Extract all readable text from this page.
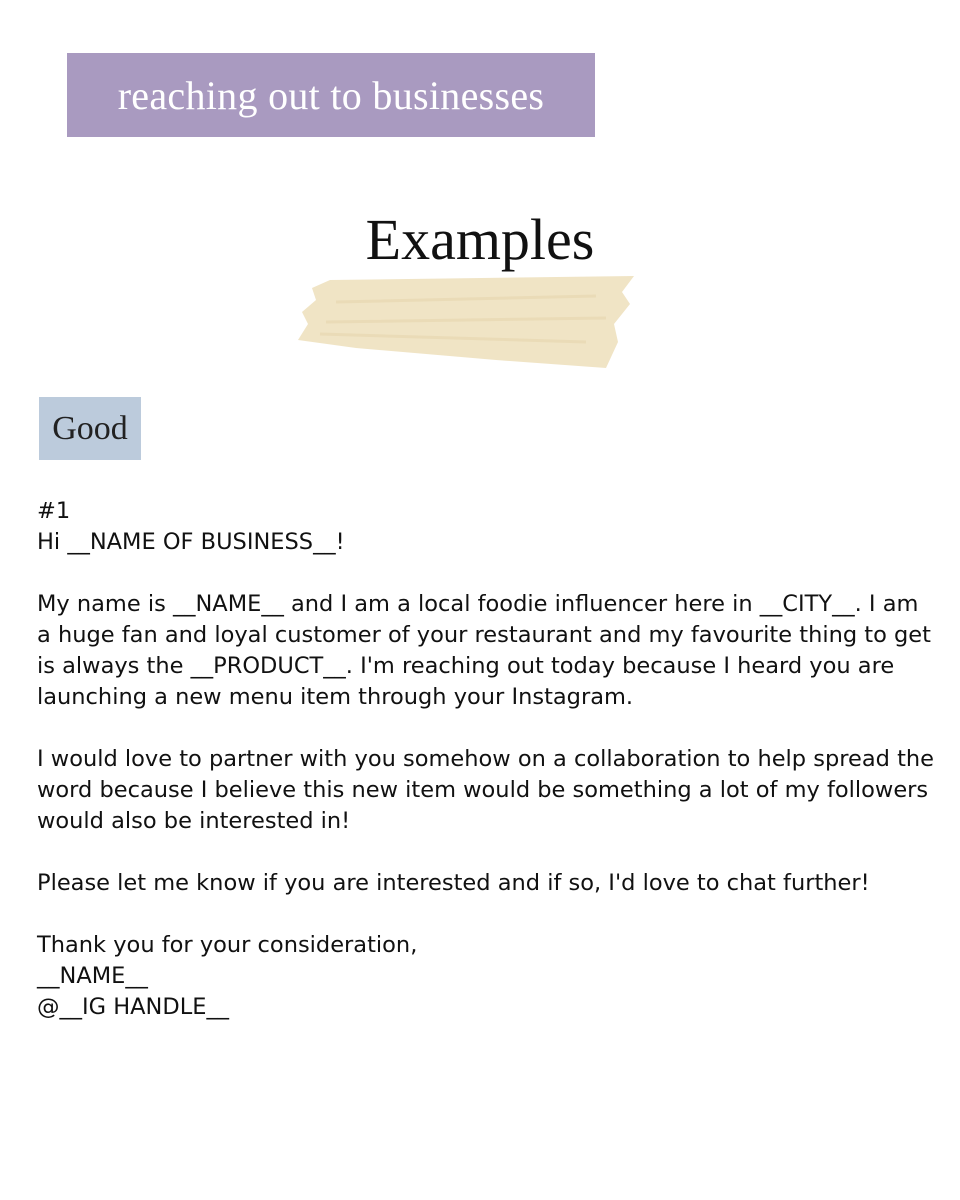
reaching out to businesses
Examples
Good

#1

Hi __NAME OF BUSINESS__!

My name is __NAME__ and I am a local foodie influencer here in __CITY__. I am a huge fan and loyal customer of your restaurant and my favourite thing to get is always the __PRODUCT__. I'm reaching out today because I heard you are launching a new menu item through your Instagram.

I would love to partner with you somehow on a collaboration to help spread the word because I believe this new item would be something a lot of my followers would also be interested in!

Please let me know if you are interested and if so, I'd love to chat further!

Thank you for your consideration,

__NAME__

@__IG HANDLE__
